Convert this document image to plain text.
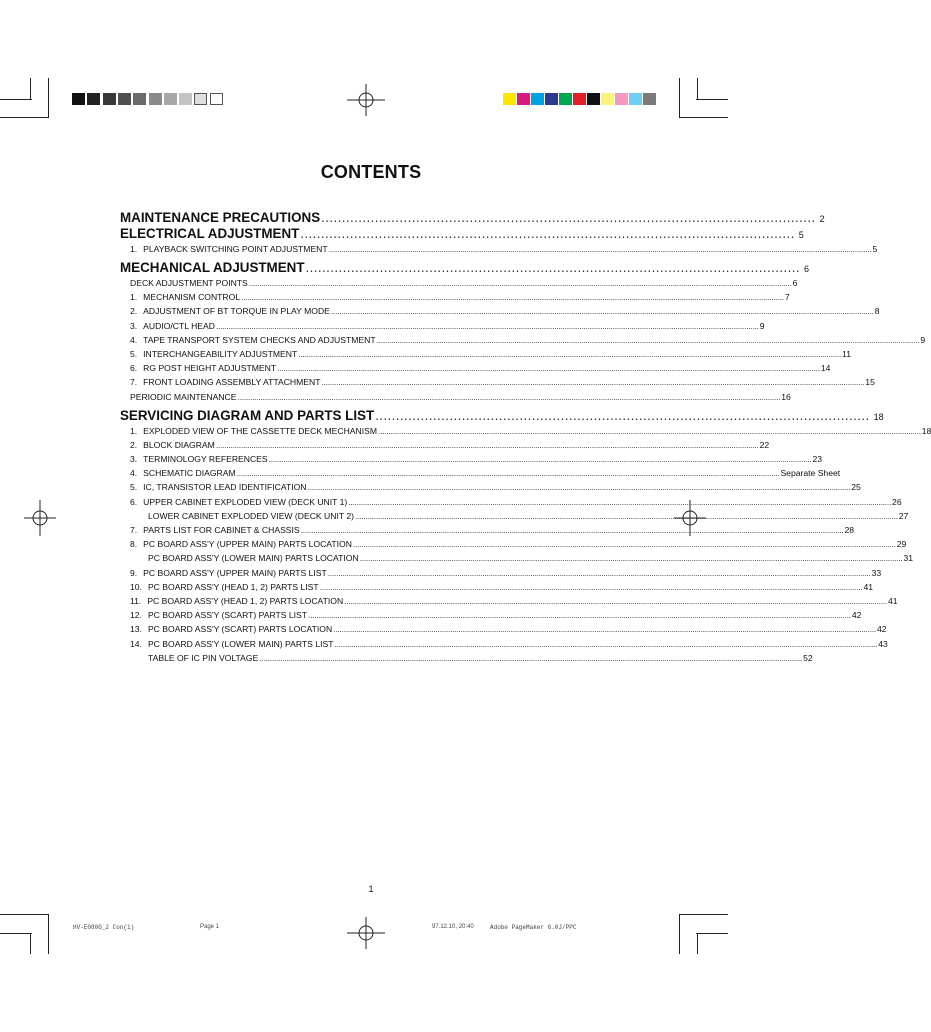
CONTENTS
MAINTENANCE PRECAUTIONS ........................................................................................................................ 2
ELECTRICAL ADJUSTMENT ........................................................................................................................ 5
1. PLAYBACK SWITCHING POINT ADJUSTMENT .................................................................................................................................................................................................................................................................... 5
MECHANICAL ADJUSTMENT ........................................................................................................................ 6
DECK ADJUSTMENT POINTS .................................................................................................................................................................................................................................................................... 6
1. MECHANISM CONTROL .................................................................................................................................................................................................................................................................... 7
2. ADJUSTMENT OF BT TORQUE IN PLAY MODE .................................................................................................................................................................................................................................................................... 8
3. AUDIO/CTL HEAD .................................................................................................................................................................................................................................................................... 9
4. TAPE TRANSPORT SYSTEM CHECKS AND ADJUSTMENT .................................................................................................................................................................................................................................................................... 9
5. INTERCHANGEABILITY ADJUSTMENT .................................................................................................................................................................................................................................................................... 11
6. RG POST HEIGHT ADJUSTMENT .................................................................................................................................................................................................................................................................... 14
7. FRONT LOADING ASSEMBLY ATTACHMENT .................................................................................................................................................................................................................................................................... 15
PERIODIC MAINTENANCE .................................................................................................................................................................................................................................................................... 16
SERVICING DIAGRAM AND PARTS LIST ........................................................................................................................ 18
1. EXPLODED VIEW OF THE CASSETTE DECK MECHANISM .................................................................................................................................................................................................................................................................... 18
2. BLOCK DIAGRAM .................................................................................................................................................................................................................................................................... 22
3. TERMINOLOGY REFERENCES .................................................................................................................................................................................................................................................................... 23
4. SCHEMATIC DIAGRAM .................................................................................................................................................................................................................................................................... Separate Sheet
5. IC, TRANSISTOR LEAD IDENTIFICATION .................................................................................................................................................................................................................................................................... 25
6. UPPER CABINET EXPLODED VIEW (DECK UNIT 1) .................................................................................................................................................................................................................................................................... 26
LOWER CABINET EXPLODED VIEW (DECK UNIT 2) .................................................................................................................................................................................................................................................................... 27
7. PARTS LIST FOR CABINET & CHASSIS .................................................................................................................................................................................................................................................................... 28
8. PC BOARD ASS'Y (UPPER MAIN) PARTS LOCATION .................................................................................................................................................................................................................................................................... 29
PC BOARD ASS'Y (LOWER MAIN) PARTS LOCATION .................................................................................................................................................................................................................................................................... 31
9. PC BOARD ASS'Y (UPPER MAIN) PARTS LIST .................................................................................................................................................................................................................................................................... 33
10. PC BOARD ASS'Y (HEAD 1, 2) PARTS LIST .................................................................................................................................................................................................................................................................... 41
11. PC BOARD ASS'Y (HEAD 1, 2) PARTS LOCATION .................................................................................................................................................................................................................................................................... 41
12. PC BOARD ASS'Y (SCART) PARTS LIST .................................................................................................................................................................................................................................................................... 42
13. PC BOARD ASS'Y (SCART) PARTS LOCATION .................................................................................................................................................................................................................................................................... 42
14. PC BOARD ASS'Y (LOWER MAIN) PARTS LIST .................................................................................................................................................................................................................................................................... 43
TABLE OF IC PIN VOLTAGE .................................................................................................................................................................................................................................................................... 52
1
HV-E080G_2 Con(1)	Page 1	97.12.10, 20:40	Adobe PageMaker 6.0J/PPC
